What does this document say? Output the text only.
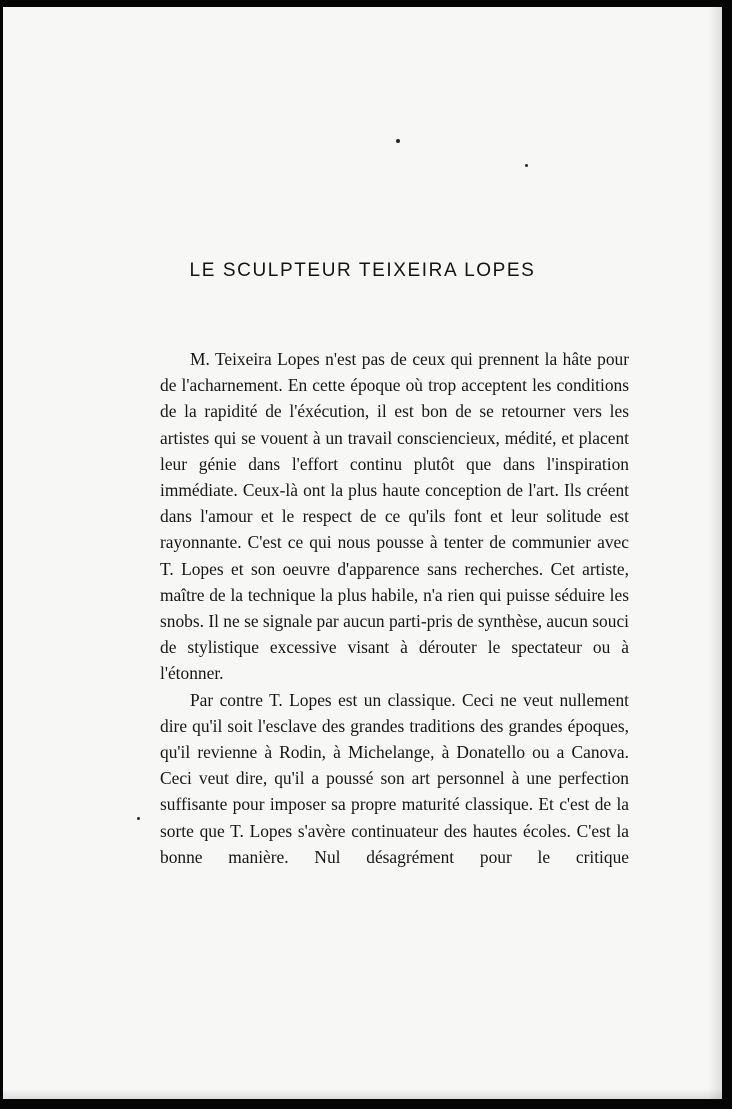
LE SCULPTEUR TEIXEIRA LOPES

M. Teixeira Lopes n'est pas de ceux qui prennent la hâte pour de l'acharnement. En cette époque où trop acceptent les conditions de la rapidité de l'éxécution, il est bon de se retourner vers les artistes qui se vouent à un travail consciencieux, médité, et placent leur génie dans l'effort continu plutôt que dans l'inspiration immédiate. Ceux-là ont la plus haute conception de l'art. Ils créent dans l'amour et le respect de ce qu'ils font et leur solitude est rayonnante. C'est ce qui nous pousse à tenter de communier avec T. Lopes et son oeuvre d'apparence sans recherches. Cet artiste, maître de la technique la plus habile, n'a rien qui puisse séduire les snobs. Il ne se signale par aucun parti-pris de synthèse, aucun souci de stylistique excessive visant à dérouter le spectateur ou à l'étonner.

Par contre T. Lopes est un classique. Ceci ne veut nullement dire qu'il soit l'esclave des grandes traditions des grandes époques, qu'il revienne à Rodin, à Michelange, à Donatello ou a Canova. Ceci veut dire, qu'il a poussé son art personnel à une perfection suffisante pour imposer sa propre maturité classique. Et c'est de la sorte que T. Lopes s'avère continuateur des hautes écoles. C'est la bonne manière. Nul désagrément pour le critique
